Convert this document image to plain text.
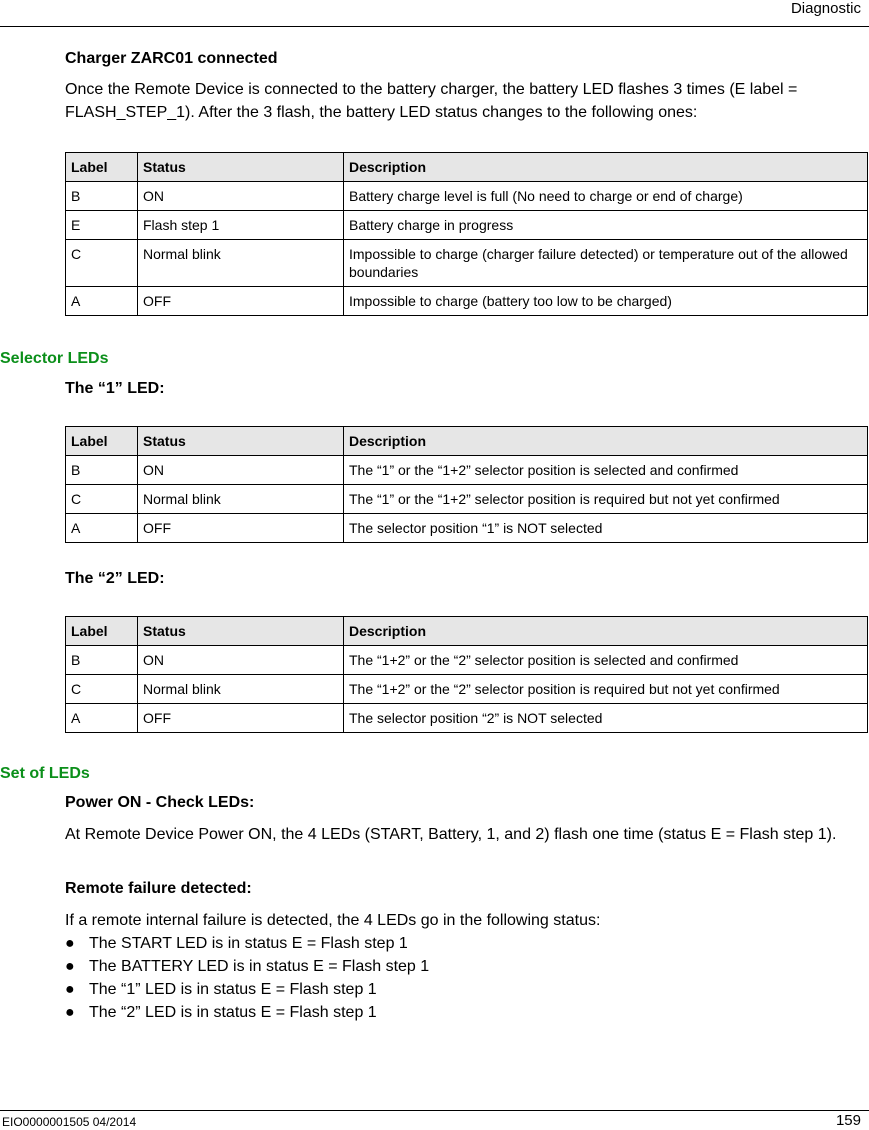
Diagnostic
Charger ZARC01 connected
Once the Remote Device is connected to the battery charger, the battery LED flashes 3 times (E label = FLASH_STEP_1). After the 3 flash, the battery LED status changes to the following ones:
Label	Status	Description
B	ON	Battery charge level is full (No need to charge or end of charge)
E	Flash step 1	Battery charge in progress
C	Normal blink	Impossible to charge (charger failure detected) or temperature out of the allowed boundaries
A	OFF	Impossible to charge (battery too low to be charged)
Selector LEDs
The “1” LED:
Label	Status	Description
B	ON	The “1” or the “1+2” selector position is selected and confirmed
C	Normal blink	The “1” or the “1+2” selector position is required but not yet confirmed
A	OFF	The selector position “1” is NOT selected
The “2” LED:
Label	Status	Description
B	ON	The “1+2” or the “2” selector position is selected and confirmed
C	Normal blink	The “1+2” or the “2” selector position is required but not yet confirmed
A	OFF	The selector position “2” is NOT selected
Set of LEDs
Power ON - Check LEDs:
At Remote Device Power ON, the 4 LEDs (START, Battery, 1, and 2) flash one time (status E = Flash step 1).
Remote failure detected:
If a remote internal failure is detected, the 4 LEDs go in the following status:
● The START LED is in status E = Flash step 1
● The BATTERY LED is in status E = Flash step 1
● The “1” LED is in status E = Flash step 1
● The “2” LED is in status E = Flash step 1
EIO0000001505 04/2014	159
